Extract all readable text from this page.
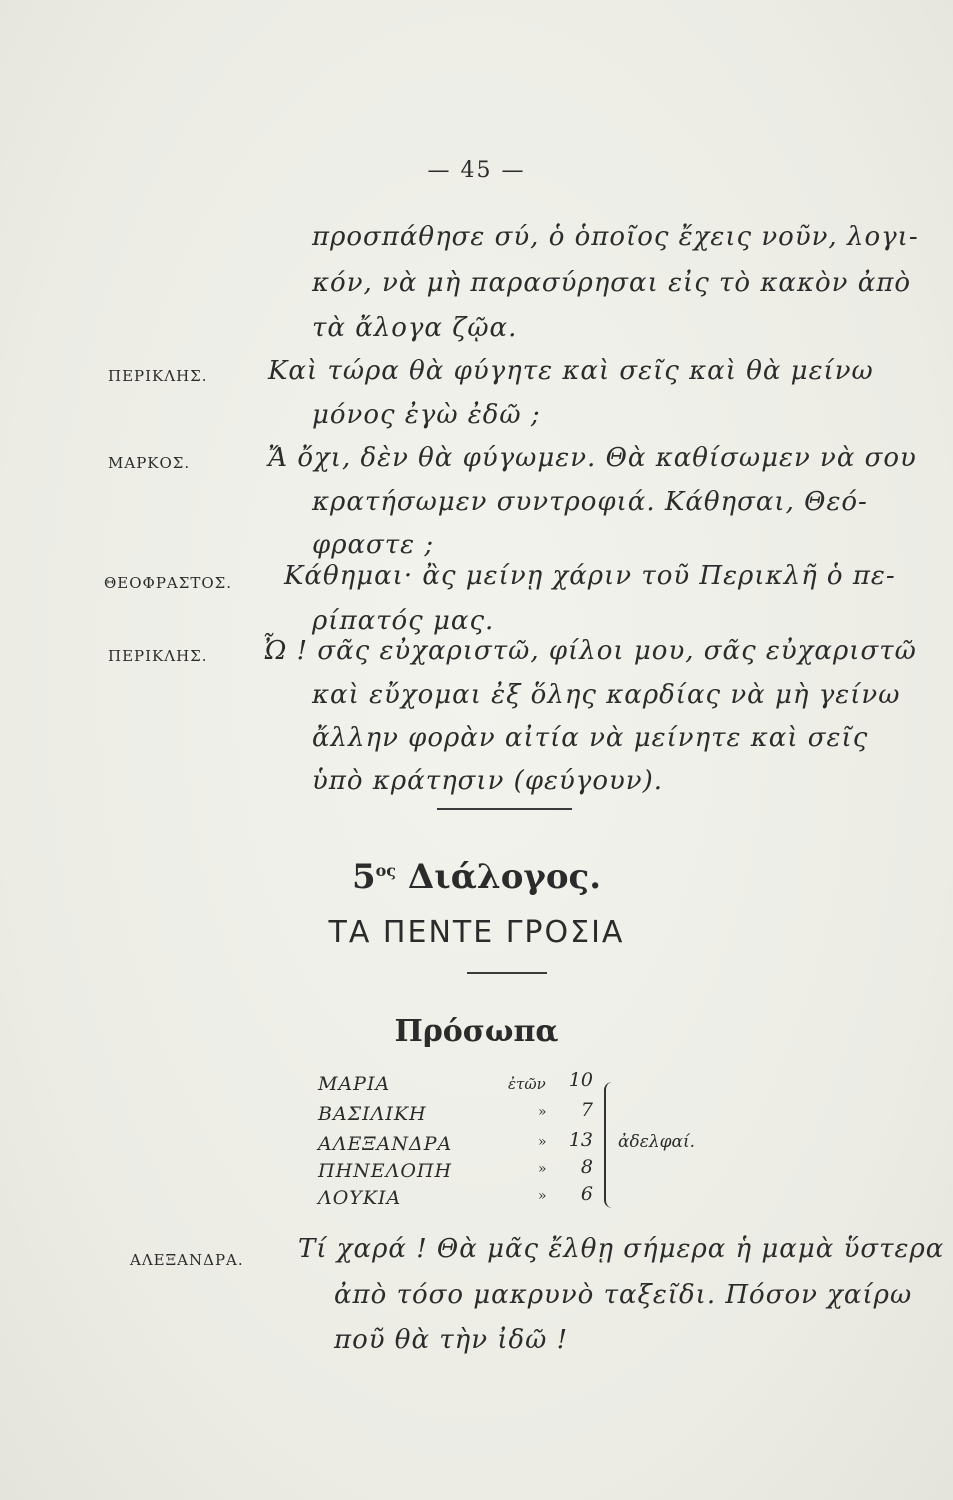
— 45 —
προσπάθησε σύ, ὁ ὁποῖος ἔχεις νοῦν, λογι-
κόν, νὰ μὴ παρασύρησαι εἰς τὸ κακὸν ἀπὸ
τὰ ἄλογα ζῷα.
ΠΕΡΙΚΛΗΣ. Καὶ τώρα θὰ φύγητε καὶ σεῖς καὶ θὰ μείνω
μόνος ἐγὼ ἐδῶ ;
ΜΑΡΚΟΣ.	Ἄ ὄχι, δὲν θὰ φύγωμεν. Θὰ καθίσωμεν νὰ σου
κρατήσωμεν συντροφιά. Κάθησαι, Θεό-
φραστε ;
ΘΕΟΦΡΑΣΤΟΣ. Κάθημαι· ἂς μείνῃ χάριν τοῦ Περικλῆ ὁ πε-
ρίπατός μας.
ΠΕΡΙΚΛΗΣ. Ὦ ! σᾶς εὐχαριστῶ, φίλοι μου, σᾶς εὐχαριστῶ
καὶ εὔχομαι ἐξ ὅλης καρδίας νὰ μὴ γείνω
ἄλλην φορὰν αἰτία νὰ μείνητε καὶ σεῖς
ὑπὸ κράτησιν (φεύγουν).
$5^{o\varsigma}$ Διάλογος.
ΤΑ ΠΕΝΤΕ ΓΡΟΣΙΑ
Πρόσωπα
ΜΑΡΙΑ	ἐτῶν	10
ΒΑΣΙΛΙΚΗ	»	7
ΑΛΕΞΑΝΔΡΑ	»	13
ΠΗΝΕΛΟΠΗ	»	8
ΛΟΥΚΙΑ	»	6
ἀδελφαί.
ΑΛΕΞΑΝΔΡΑ. Τί χαρά ! Θὰ μᾶς ἔλθῃ σήμερα ἡ μαμὰ ὕστερα
ἀπὸ τόσο μακρυνὸ ταξεῖδι. Πόσον χαίρω
ποῦ θὰ τὴν ἰδῶ !
